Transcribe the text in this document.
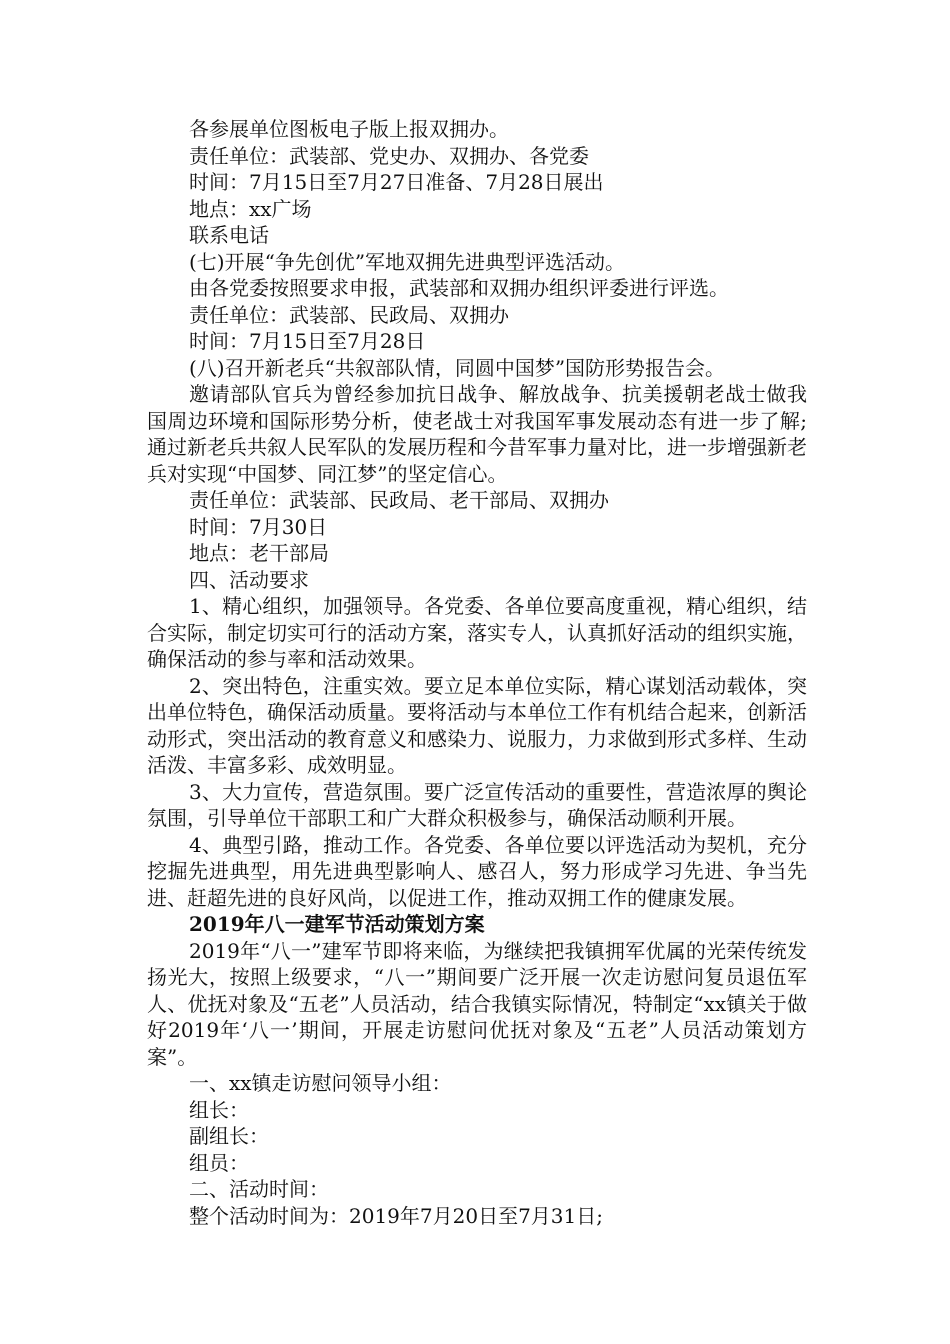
各参展单位图板电子版上报双拥办。

责任单位：武装部、党史办、双拥办、各党委

时间：7月15日至7月27日准备、7月28日展出

地点：xx广场

联系电话

(七)开展“争先创优”军地双拥先进典型评选活动。

由各党委按照要求申报，武装部和双拥办组织评委进行评选。

责任单位：武装部、民政局、双拥办

时间：7月15日至7月28日

(八)召开新老兵“共叙部队情，同圆中国梦”国防形势报告会。

邀请部队官兵为曾经参加抗日战争、解放战争、抗美援朝老战士做我国周边环境和国际形势分析，使老战士对我国军事发展动态有进一步了解;通过新老兵共叙人民军队的发展历程和今昔军事力量对比，进一步增强新老兵对实现“中国梦、同江梦”的坚定信心。

责任单位：武装部、民政局、老干部局、双拥办

时间：7月30日

地点：老干部局

四、活动要求

1、精心组织，加强领导。各党委、各单位要高度重视，精心组织，结合实际，制定切实可行的活动方案，落实专人，认真抓好活动的组织实施，确保活动的参与率和活动效果。

2、突出特色，注重实效。要立足本单位实际，精心谋划活动载体，突出单位特色，确保活动质量。要将活动与本单位工作有机结合起来，创新活动形式，突出活动的教育意义和感染力、说服力，力求做到形式多样、生动活泼、丰富多彩、成效明显。

3、大力宣传，营造氛围。要广泛宣传活动的重要性，营造浓厚的舆论氛围，引导单位干部职工和广大群众积极参与，确保活动顺利开展。

4、典型引路，推动工作。各党委、各单位要以评选活动为契机，充分挖掘先进典型，用先进典型影响人、感召人，努力形成学习先进、争当先进、赶超先进的良好风尚，以促进工作，推动双拥工作的健康发展。

2019年八一建军节活动策划方案

2019年“八一”建军节即将来临，为继续把我镇拥军优属的光荣传统发扬光大，按照上级要求，“八一”期间要广泛开展一次走访慰问复员退伍军人、优抚对象及“五老”人员活动，结合我镇实际情况，特制定“xx镇关于做好2019年‘八一’期间，开展走访慰问优抚对象及“五老”人员活动策划方案”。

一、xx镇走访慰问领导小组：

组长：

副组长：

组员：

二、活动时间：

整个活动时间为：2019年7月20日至7月31日;
